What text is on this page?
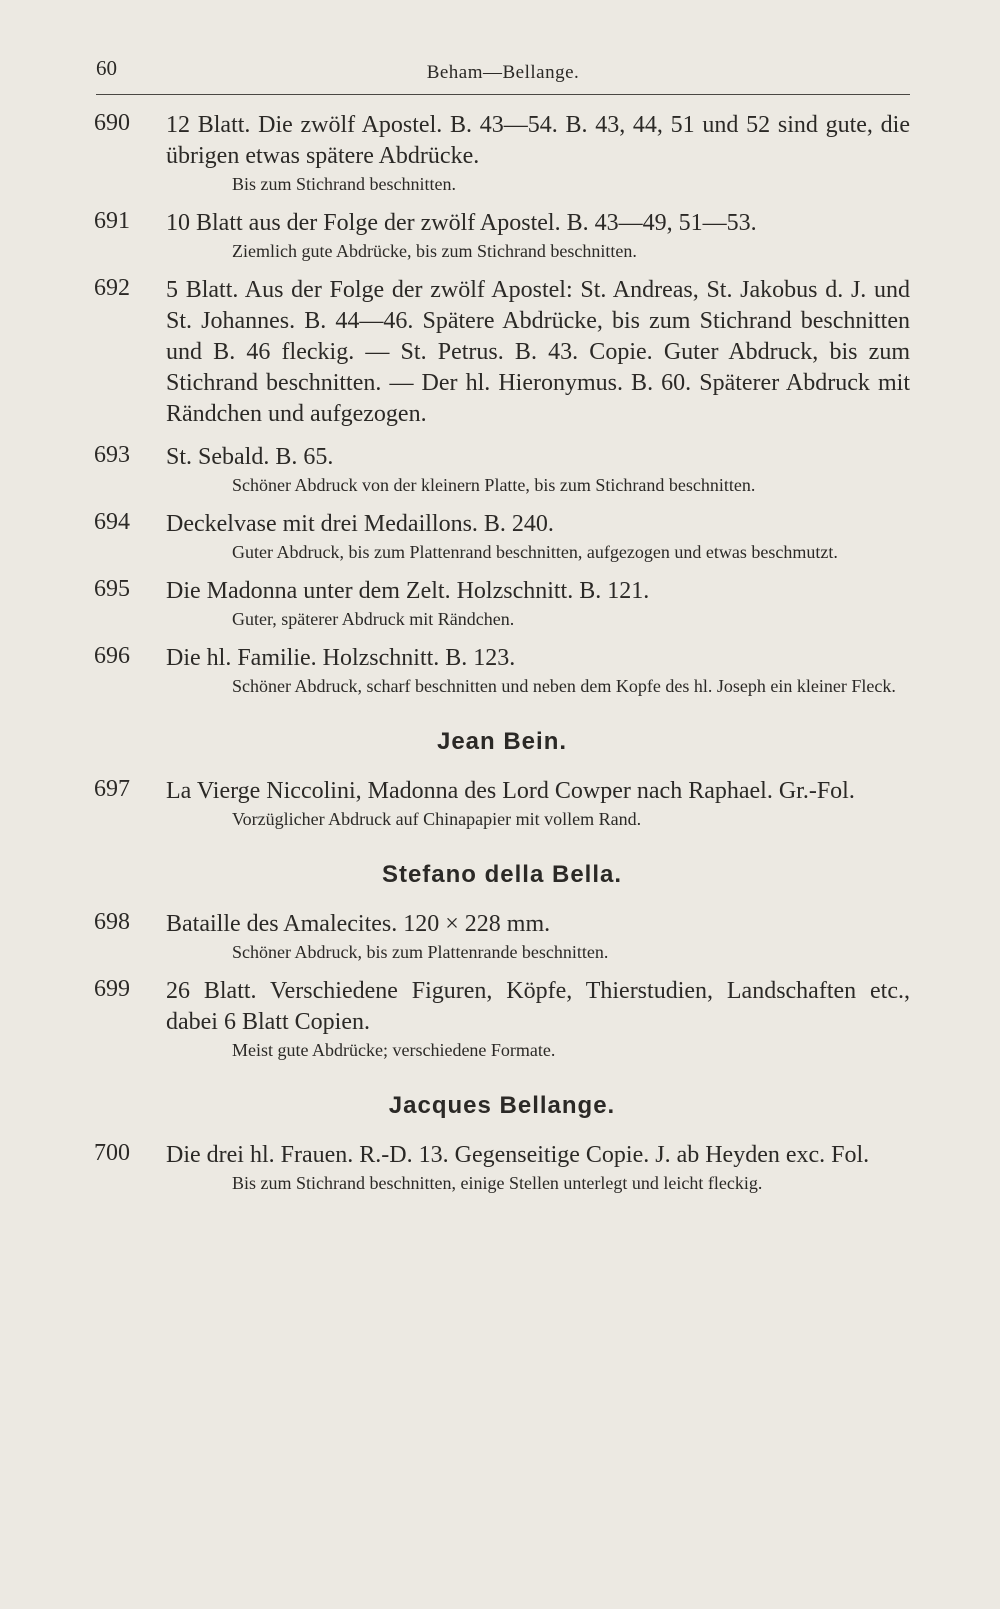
60	Beham—Bellange.
690	12 Blatt. Die zwölf Apostel. B. 43—54. B. 43, 44, 51 und 52 sind gute, die übrigen etwas spätere Abdrücke.

Bis zum Stichrand beschnitten.

691	10 Blatt aus der Folge der zwölf Apostel. B. 43—49, 51—53.

Ziemlich gute Abdrücke, bis zum Stichrand beschnitten.

692	5 Blatt. Aus der Folge der zwölf Apostel: St. Andreas, St. Jakobus d. J. und St. Johannes. B. 44—46. Spätere Abdrücke, bis zum Stichrand beschnitten und B. 46 fleckig. — St. Petrus. B. 43. Copie. Guter Abdruck, bis zum Stichrand beschnitten. — Der hl. Hieronymus. B. 60. Späterer Abdruck mit Rändchen und aufgezogen.

693	St. Sebald. B. 65.

Schöner Abdruck von der kleinern Platte, bis zum Stichrand beschnitten.

694	Deckelvase mit drei Medaillons. B. 240.

Guter Abdruck, bis zum Plattenrand beschnitten, aufgezogen und etwas beschmutzt.

695	Die Madonna unter dem Zelt. Holzschnitt. B. 121.

Guter, späterer Abdruck mit Rändchen.

696	Die hl. Familie. Holzschnitt. B. 123.

Schöner Abdruck, scharf beschnitten und neben dem Kopfe des hl. Joseph ein kleiner Fleck.

Jean Bein.
697	La Vierge Niccolini, Madonna des Lord Cowper nach Raphael. Gr.-Fol.

Vorzüglicher Abdruck auf Chinapapier mit vollem Rand.

Stefano della Bella.
698	Bataille des Amalecites. 120 × 228 mm.

Schöner Abdruck, bis zum Plattenrande beschnitten.

699	26 Blatt. Verschiedene Figuren, Köpfe, Thierstudien, Landschaften etc., dabei 6 Blatt Copien.

Meist gute Abdrücke; verschiedene Formate.

Jacques Bellange.
700	Die drei hl. Frauen. R.-D. 13. Gegenseitige Copie. J. ab Heyden exc. Fol.

Bis zum Stichrand beschnitten, einige Stellen unterlegt und leicht fleckig.
